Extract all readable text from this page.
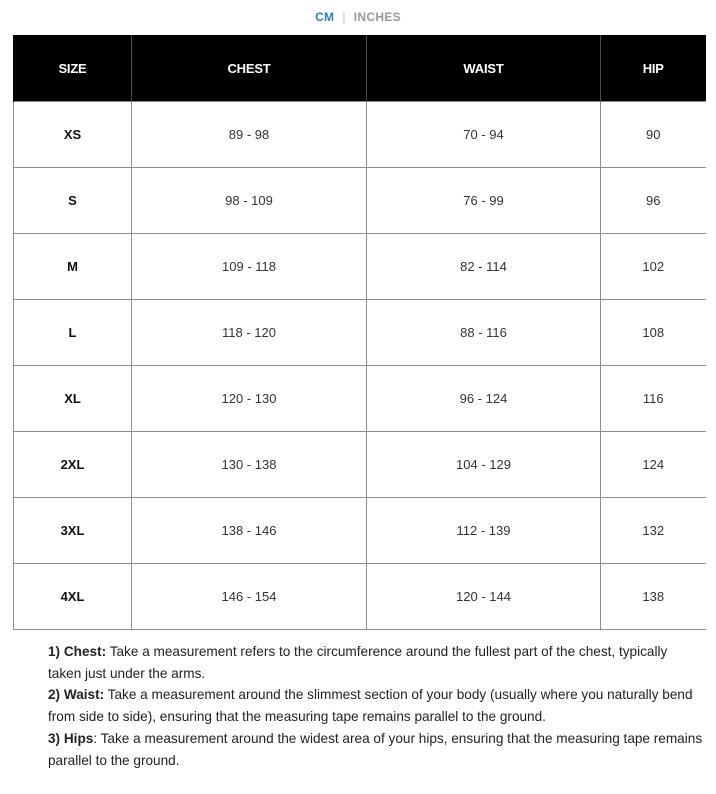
CM | INCHES
SIZE	CHEST	WAIST	HIP
XS	89 - 98	70 - 94	90
S	98 - 109	76 - 99	96
M	109 - 118	82 - 114	102
L	118 - 120	88 - 116	108
XL	120 - 130	96 - 124	116
2XL	130 - 138	104 - 129	124
3XL	138 - 146	112 - 139	132
4XL	146 - 154	120 - 144	138

1) Chest: Take a measurement refers to the circumference around the fullest part of the chest, typically taken just under the arms.

2) Waist: Take a measurement around the slimmest section of your body (usually where you naturally bend from side to side), ensuring that the measuring tape remains parallel to the ground.

3) Hips: Take a measurement around the widest area of your hips, ensuring that the measuring tape remains parallel to the ground.
